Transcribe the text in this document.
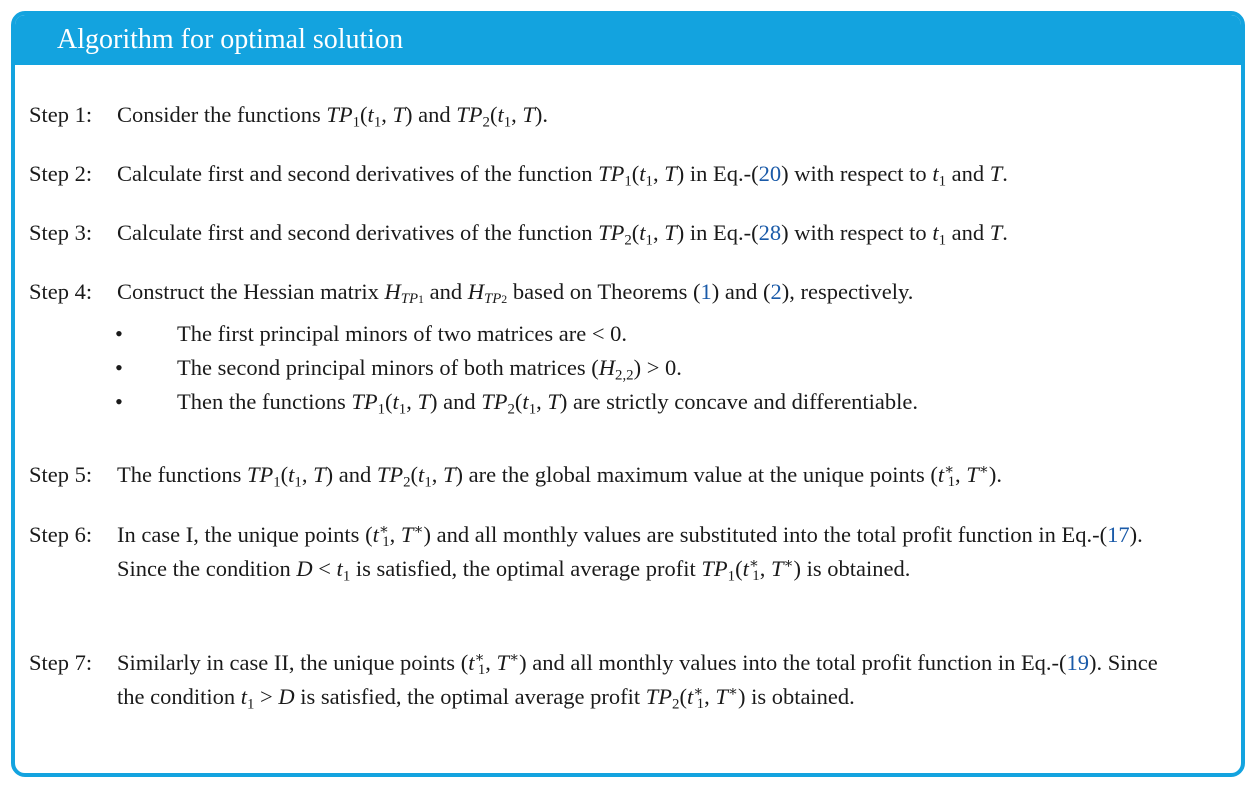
Algorithm for optimal solution
Step 1: Consider the functions $TP_1(t_1$, T) and $TP_2(t_1$, T).
Step 2: Calculate first and second derivatives of the function $TP_1(t_1$, T) in Eq.-(20) with respect to $t_1$ and T.
Step 3: Calculate first and second derivatives of the function $TP_2(t_1$, T) in Eq.-(28) with respect to $t_1$ and T.
Step 4: Construct the Hessian matrix $H_{TP1}$ and $H_{TP2}$ based on Theorems (1) and (2), respectively.
• The first principal minors of two matrices are < 0.
• The second principal minors of both matrices $(H_{2,2}) > 0$.
• Then the functions $TP_1(t_1$, T) and $TP_2(t_1$, T) are strictly concave and differentiable.
Step 5: The functions $TP_1(t_1$, T) and $TP_2(t_1$, T) are the global maximum value at the unique points ($t^∗_1$, T∗).
Step 6: In case I, the unique points ($t^∗_1$, T∗) and all monthly values are substituted into the total profit function in Eq.-(17). Since the condition $D < t_1$ is satisfied, the optimal average profit $TP_1(t^∗_1$, T∗) is obtained.
Step 7: Similarly in case II, the unique points ($t^∗_1$, T∗) and all monthly values into the total profit function in Eq.-(19). Since the condition $t_1 > D$ is satisfied, the optimal average profit $TP_2(t^∗_1$, T∗) is obtained.
